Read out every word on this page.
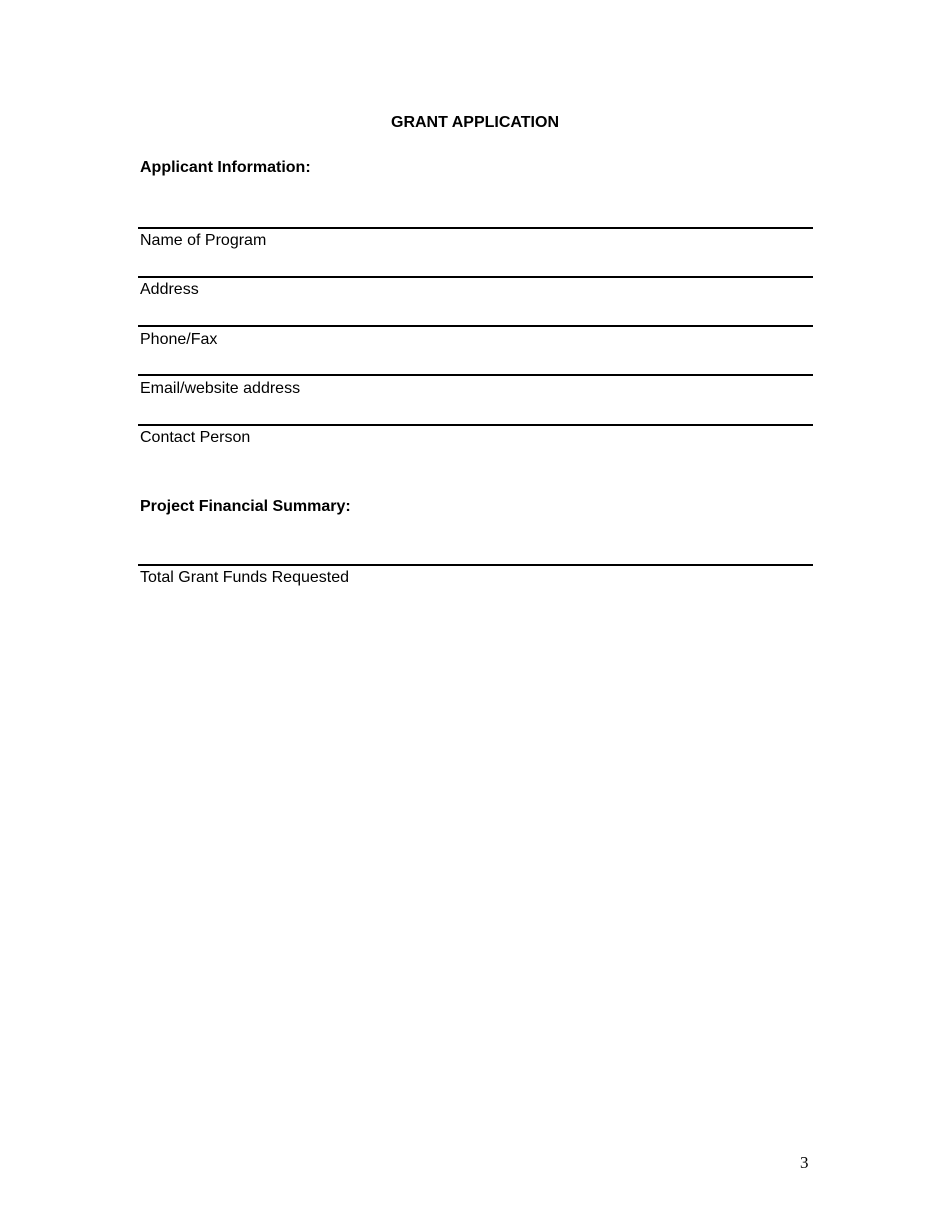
GRANT APPLICATION
Applicant Information:
Name of Program
Address
Phone/Fax
Email/website address
Contact Person
Project Financial Summary:
Total Grant Funds Requested
3
